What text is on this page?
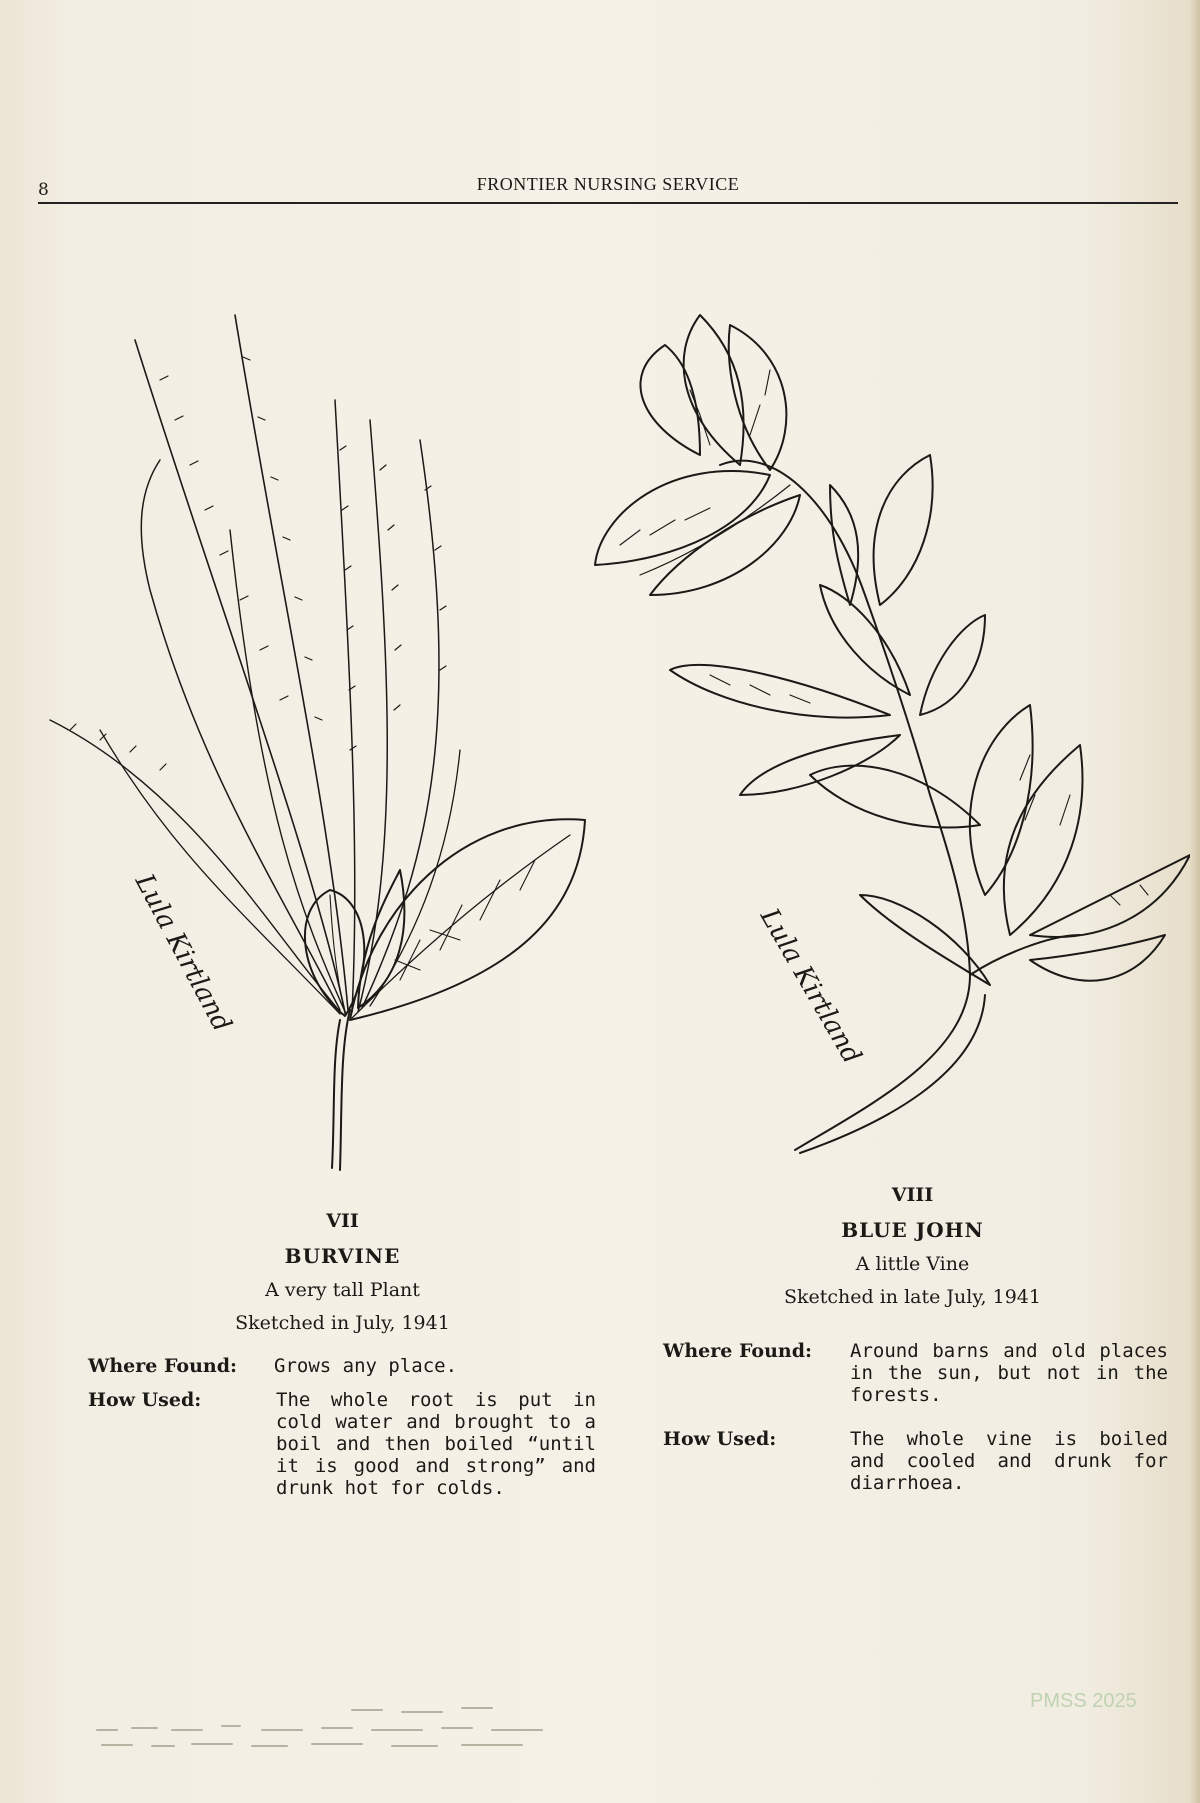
8	FRONTIER NURSING SERVICE
Lula Kirtland	Lula Kirtland
VII
BURVINE
A very tall Plant
Sketched in July, 1941
Where Found: Grows any place.
How Used:	The whole root is put in cold water and brought to a boil and then boiled “until it is good and strong” and drunk hot for colds.
VIII
BLUE JOHN
A little Vine
Sketched in late July, 1941
Where Found: Around barns and old places in the sun, but not in the forests.
How Used:	The whole vine is boiled and cooled and drunk for diarrhoea.
PMSS 2025
